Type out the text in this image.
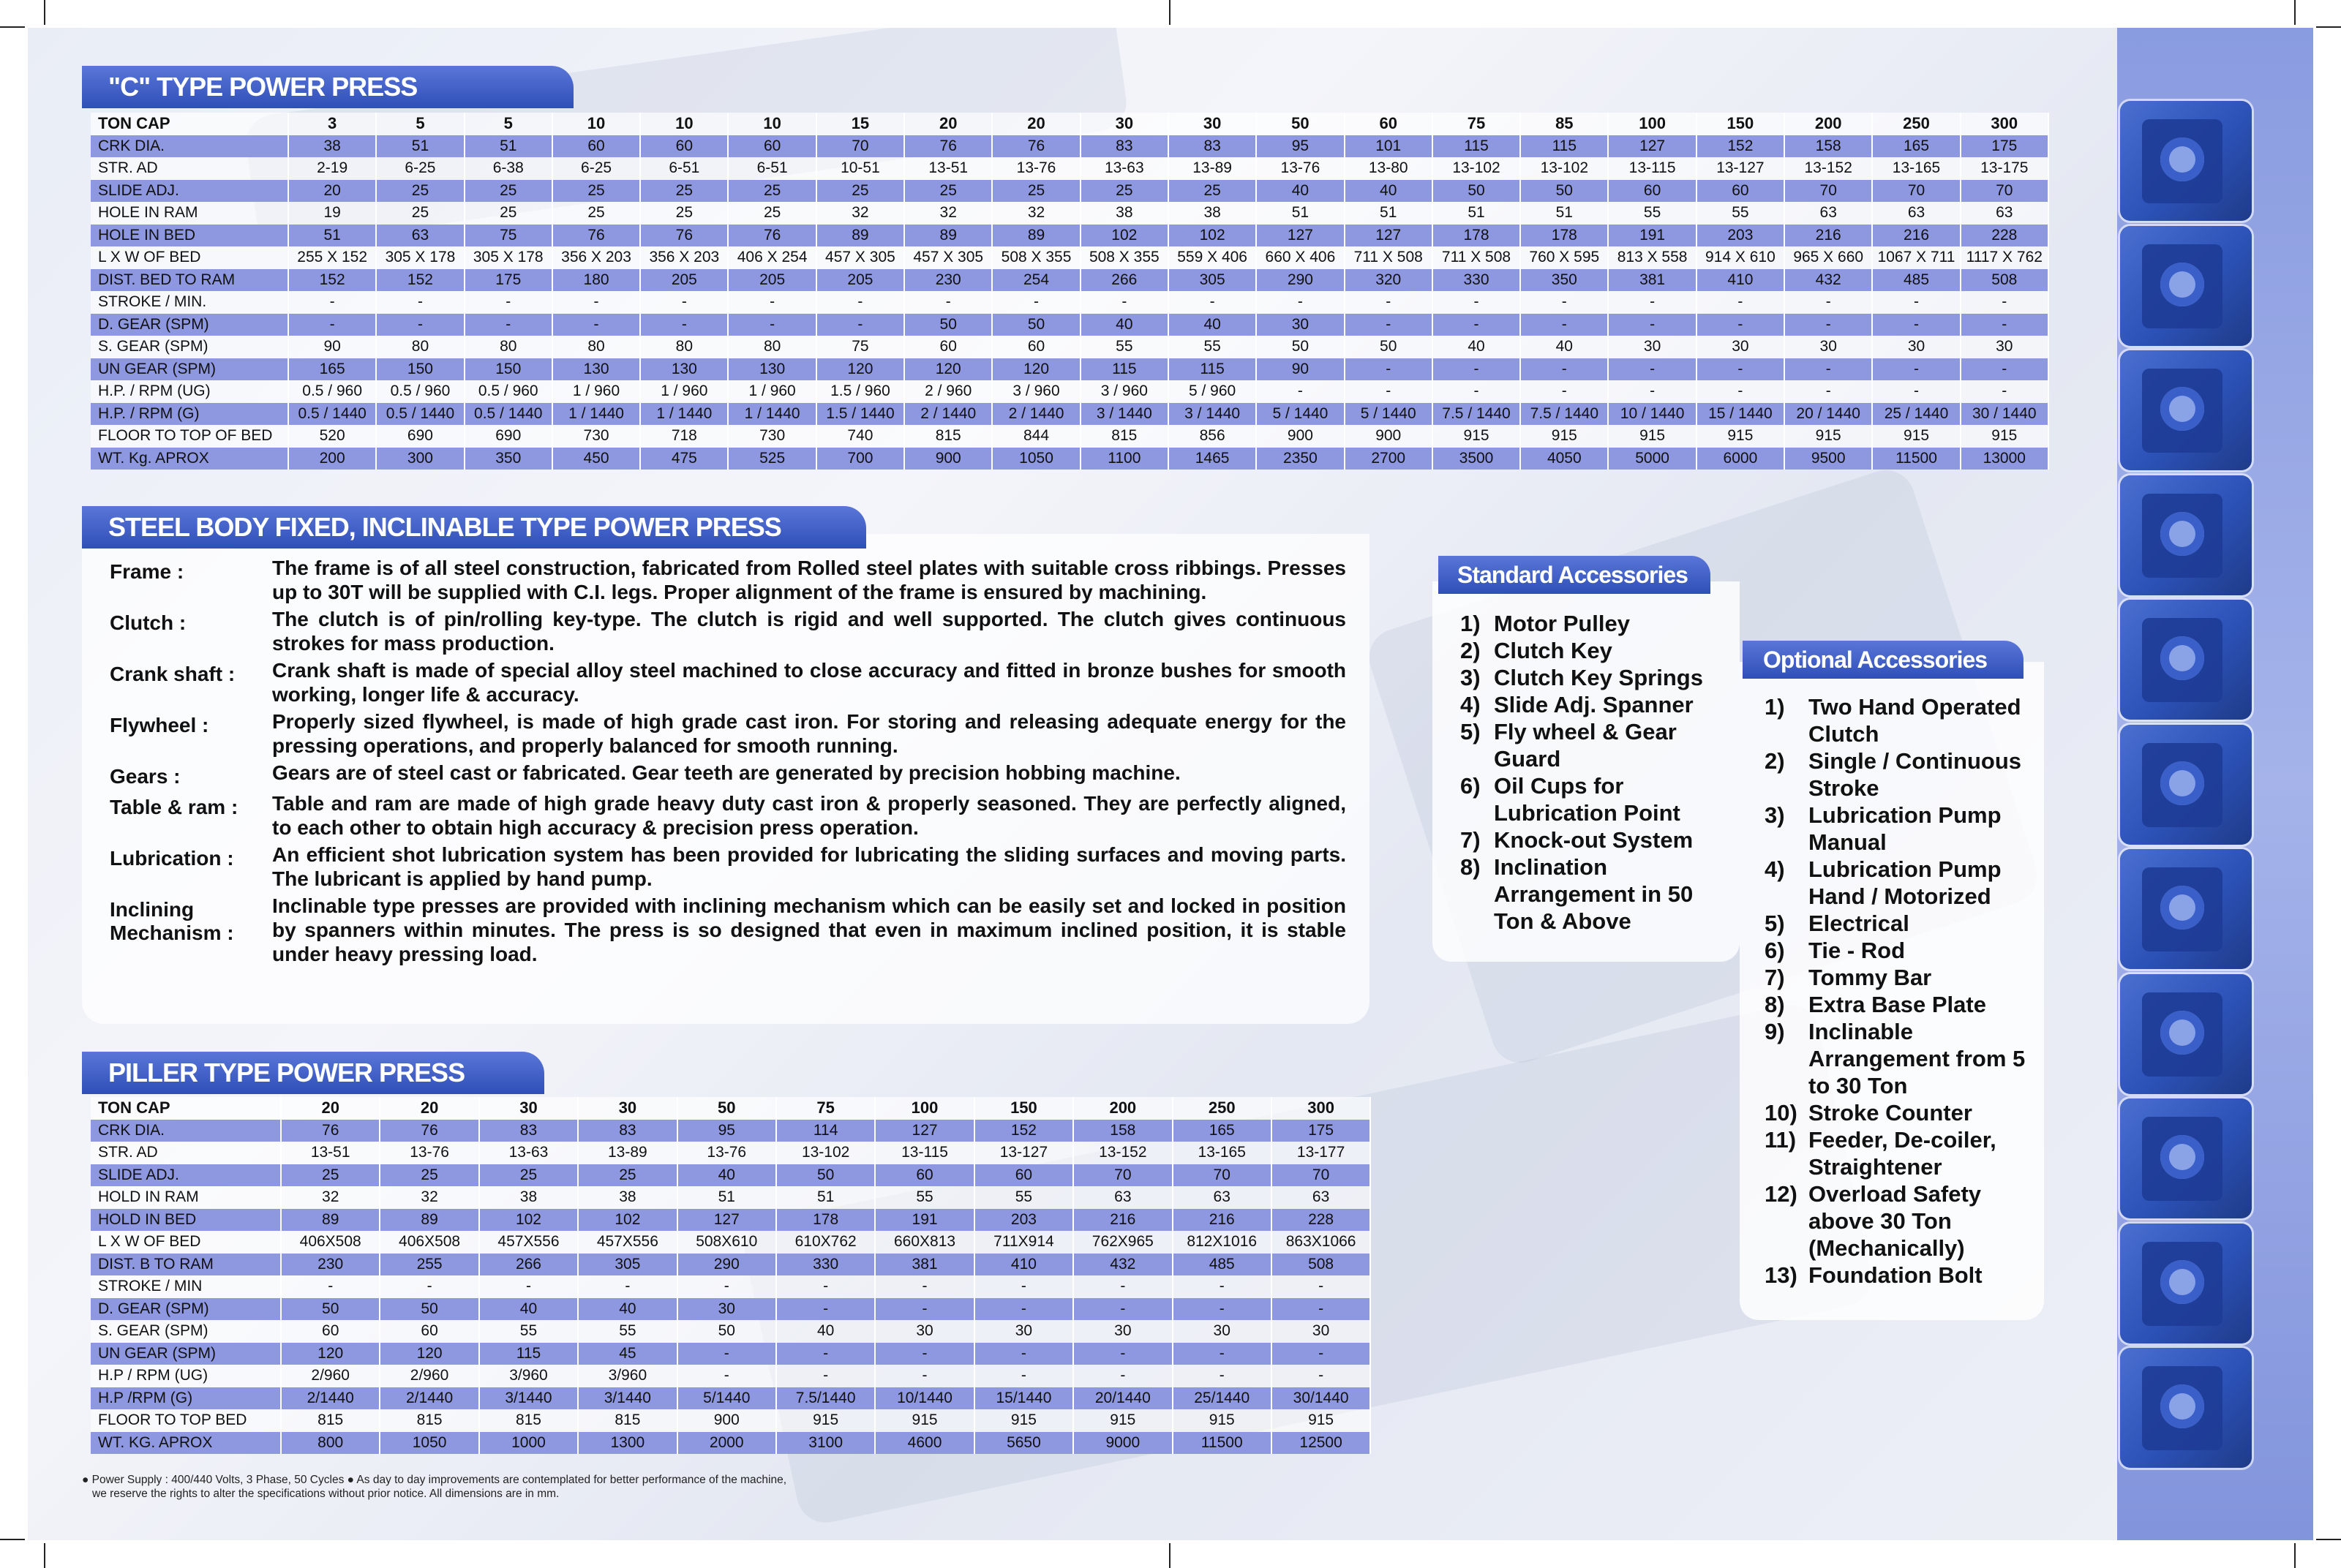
"C" TYPE POWER PRESS
TON CAP	3	5	5	10	10	10	15	20	20	30	30	50	60	75	85	100	150	200	250	300
CRK DIA.	38	51	51	60	60	60	70	76	76	83	83	95	101	115	115	127	152	158	165	175
STR. AD	2-19	6-25	6-38	6-25	6-51	6-51	10-51	13-51	13-76	13-63	13-89	13-76	13-80	13-102	13-102	13-115	13-127	13-152	13-165	13-175
SLIDE ADJ.	20	25	25	25	25	25	25	25	25	25	25	40	40	50	50	60	60	70	70	70
HOLE IN RAM	19	25	25	25	25	25	32	32	32	38	38	51	51	51	51	55	55	63	63	63
HOLE IN BED	51	63	75	76	76	76	89	89	89	102	102	127	127	178	178	191	203	216	216	228
L X W OF BED	255 X 152	305 X 178	305 X 178	356 X 203	356 X 203	406 X 254	457 X 305	457 X 305	508 X 355	508 X 355	559 X 406	660 X 406	711 X 508	711 X 508	760 X 595	813 X 558	914 X 610	965 X 660	1067 X 711	1117 X 762
DIST. BED TO RAM	152	152	175	180	205	205	205	230	254	266	305	290	320	330	350	381	410	432	485	508
STROKE / MIN.	-	-	-	-	-	-	-	-	-	-	-	-	-	-	-	-	-	-	-	-
D. GEAR (SPM)	-	-	-	-	-	-	-	50	50	40	40	30	-	-	-	-	-	-	-	-
S. GEAR (SPM)	90	80	80	80	80	80	75	60	60	55	55	50	50	40	40	30	30	30	30	30
UN GEAR (SPM)	165	150	150	130	130	130	120	120	120	115	115	90	-	-	-	-	-	-	-	-
H.P. / RPM (UG)	0.5 / 960	0.5 / 960	0.5 / 960	1 / 960	1 / 960	1 / 960	1.5 / 960	2 / 960	3 / 960	3 / 960	5 / 960	-	-	-	-	-	-	-	-	-
H.P. / RPM (G)	0.5 / 1440	0.5 / 1440	0.5 / 1440	1 / 1440	1 / 1440	1 / 1440	1.5 / 1440	2 / 1440	2 / 1440	3 / 1440	3 / 1440	5 / 1440	5 / 1440	7.5 / 1440	7.5 / 1440	10 / 1440	15 / 1440	20 / 1440	25 / 1440	30 / 1440
FLOOR TO TOP OF BED	520	690	690	730	718	730	740	815	844	815	856	900	900	915	915	915	915	915	915	915
WT. Kg. APROX	200	300	350	450	475	525	700	900	1050	1100	1465	2350	2700	3500	4050	5000	6000	9500	11500	13000
STEEL BODY FIXED, INCLINABLE TYPE POWER PRESS
Frame :	The frame is of all steel construction, fabricated from Rolled steel plates with suitable cross ribbings. Presses up to 30T will be supplied with C.I. legs. Proper alignment of the frame is ensured by machining.
Clutch :	The clutch is of pin/rolling key-type. The clutch is rigid and well supported. The clutch gives continuous strokes for mass production.
Crank shaft :	Crank shaft is made of special alloy steel machined to close accuracy and fitted in bronze bushes for smooth working, longer life & accuracy.
Flywheel :	Properly sized flywheel, is made of high grade cast iron. For storing and releasing adequate energy for the pressing operations, and properly balanced for smooth running.
Gears :	Gears are of steel cast or fabricated. Gear teeth are generated by precision hobbing machine.
Table & ram :	Table and ram are made of high grade heavy duty cast iron & properly seasoned. They are perfectly aligned, to each other to obtain high accuracy & precision press operation.
Lubrication :	An efficient shot lubrication system has been provided for lubricating the sliding surfaces and moving parts. The lubricant is applied by hand pump.
Inclining Mechanism :
Inclinable type presses are provided with inclining mechanism which can be easily set and locked in position by spanners within minutes. The press is so designed that even in maximum inclined position, it is stable under heavy pressing load.
Standard Accessories
1) Motor Pulley
2) Clutch Key
3) Clutch Key Springs
4) Slide Adj. Spanner
5) Fly wheel & Gear Guard
6) Oil Cups for Lubrication Point
7) Knock-out System
8) Inclination Arrangement in 50 Ton & Above
Optional Accessories
1)	Two Hand Operated Clutch
2)	Single / Continuous Stroke
3)	Lubrication Pump Manual
4)	Lubrication Pump Hand / Motorized
5)	Electrical
6)	Tie - Rod
7)	Tommy Bar
8)	Extra Base Plate
9)	Inclinable Arrangement from 5 to 30 Ton
10) Stroke Counter
11) Feeder, De-coiler, Straightener
12) Overload Safety above 30 Ton (Mechanically)
13) Foundation Bolt
PILLER TYPE POWER PRESS
TON CAP	20	20	30	30	50	75	100	150	200	250	300
CRK DIA.	76	76	83	83	95	114	127	152	158	165	175
STR. AD	13-51	13-76	13-63	13-89	13-76	13-102	13-115	13-127	13-152	13-165	13-177
SLIDE ADJ.	25	25	25	25	40	50	60	60	70	70	70
HOLD IN RAM	32	32	38	38	51	51	55	55	63	63	63
HOLD IN BED	89	89	102	102	127	178	191	203	216	216	228
L X W OF BED	406X508	406X508	457X556	457X556	508X610	610X762	660X813	711X914	762X965	812X1016	863X1066
DIST. B TO RAM	230	255	266	305	290	330	381	410	432	485	508
STROKE / MIN	-	-	-	-	-	-	-	-	-	-	-
D. GEAR (SPM)	50	50	40	40	30	-	-	-	-	-	-
S. GEAR (SPM)	60	60	55	55	50	40	30	30	30	30	30
UN GEAR (SPM)	120	120	115	45	-	-	-	-	-	-	-
H.P / RPM (UG)	2/960	2/960	3/960	3/960	-	-	-	-	-	-	-
H.P /RPM (G)	2/1440	2/1440	3/1440	3/1440	5/1440	7.5/1440	10/1440	15/1440	20/1440	25/1440	30/1440
FLOOR TO TOP BED	815	815	815	815	900	915	915	915	915	915	915
WT. KG. APROX	800	1050	1000	1300	2000	3100	4600	5650	9000	11500	12500
● Power Supply : 400/440 Volts, 3 Phase, 50 Cycles ● As day to day improvements are contemplated for better performance of the machine,
we reserve the rights to alter the specifications without prior notice. All dimensions are in mm.
